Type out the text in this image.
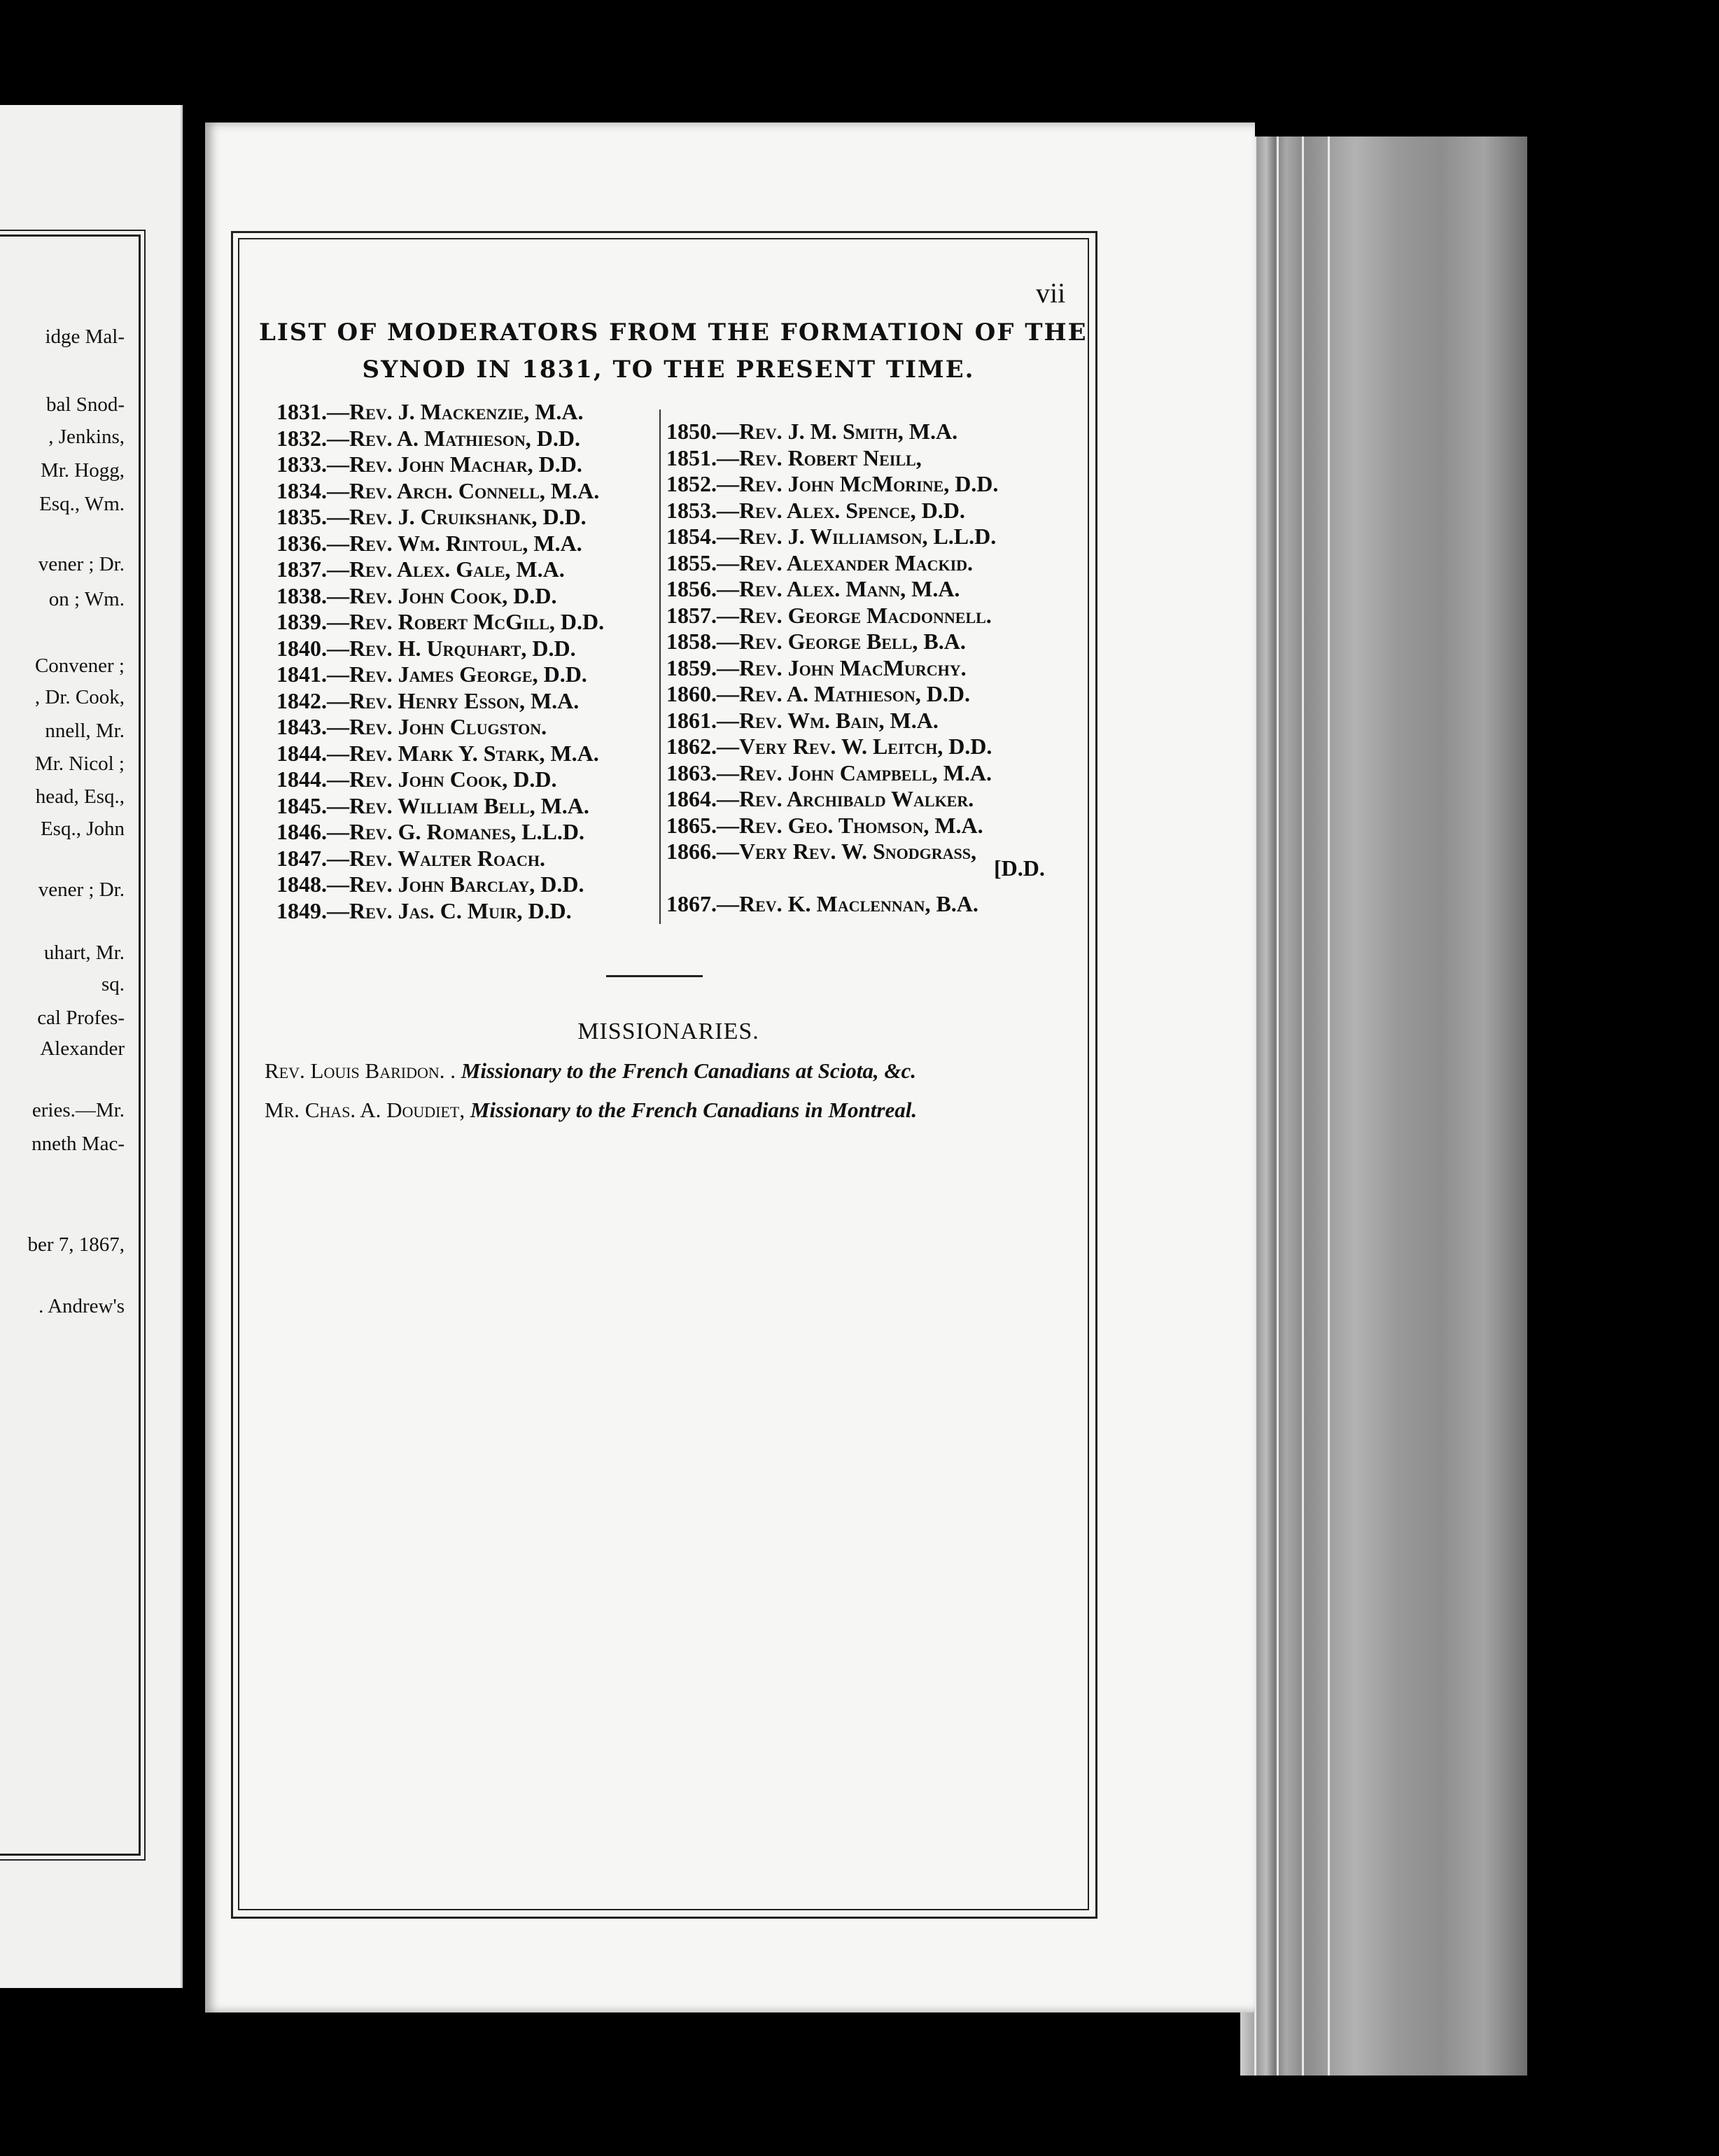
idge Mal-
bal Snod-
, Jenkins,
Mr. Hogg,
Esq., Wm.
vener ; Dr.
on ; Wm.
Convener ;
, Dr. Cook,
nnell, Mr.
Mr. Nicol ;
head, Esq.,
Esq., John
vener ; Dr.
uhart, Mr.
sq.
cal Profes-
Alexander
eries.—Mr.
nneth Mac-
ber 7, 1867,
. Andrew's
vii
LIST OF MODERATORS FROM THE FORMATION OF THE
SYNOD IN 1831, TO THE PRESENT TIME.
1831.—Rev. J. Mackenzie, M.A.
1832.—Rev. A. Mathieson, D.D.
1833.—Rev. John Machar, D.D.
1834.—Rev. Arch. Connell, M.A.
1835.—Rev. J. Cruikshank, D.D.
1836.—Rev. Wm. Rintoul, M.A.
1837.—Rev. Alex. Gale, M.A.
1838.—Rev. John Cook, D.D.
1839.—Rev. Robert McGill, D.D.
1840.—Rev. H. Urquhart, D.D.
1841.—Rev. James George, D.D.
1842.—Rev. Henry Esson, M.A.
1843.—Rev. John Clugston.
1844.—Rev. Mark Y. Stark, M.A.
1844.—Rev. John Cook, D.D.
1845.—Rev. William Bell, M.A.
1846.—Rev. G. Romanes, L.L.D.
1847.—Rev. Walter Roach.
1848.—Rev. John Barclay, D.D.
1849.—Rev. Jas. C. Muir, D.D.
1850.—Rev. J. M. Smith, M.A.
1851.—Rev. Robert Neill,
1852.—Rev. John McMorine, D.D.
1853.—Rev. Alex. Spence, D.D.
1854.—Rev. J. Williamson, L.L.D.
1855.—Rev. Alexander Mackid.
1856.—Rev. Alex. Mann, M.A.
1857.—Rev. George Macdonnell.
1858.—Rev. George Bell, B.A.
1859.—Rev. John MacMurchy.
1860.—Rev. A. Mathieson, D.D.
1861.—Rev. Wm. Bain, M.A.
1862.—Very Rev. W. Leitch, D.D.
1863.—Rev. John Campbell, M.A.
1864.—Rev. Archibald Walker.
1865.—Rev. Geo. Thomson, M.A.
1866.—Very Rev. W. Snodgrass,
1867.—Rev. K. Maclennan, B.A.
[D.D.
MISSIONARIES.
Rev. Louis Baridon. . Missionary to the French Canadians at Sciota, &c.
Mr. Chas. A. Doudiet, Missionary to the French Canadians in Montreal.
